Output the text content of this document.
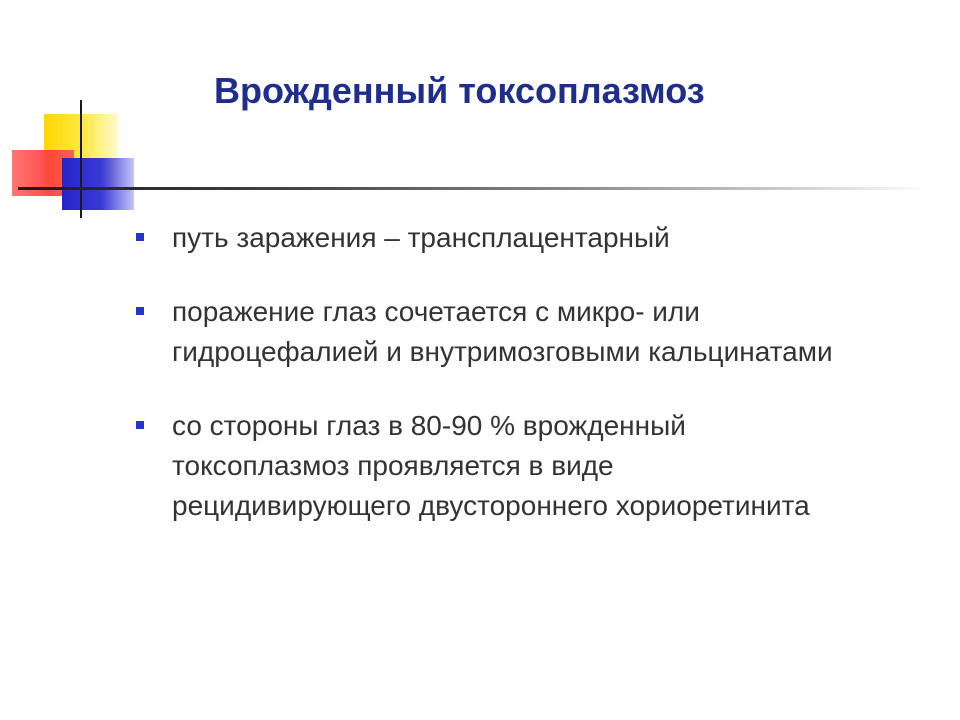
Врожденный токсоплазмоз
путь заражения – трансплацентарный
поражение глаз сочетается с микро- или
гидроцефалией и внутримозговыми кальцинатами
со стороны глаз в 80-90 % врожденный
токсоплазмоз проявляется в виде
рецидивирующего двустороннего хориоретинита
